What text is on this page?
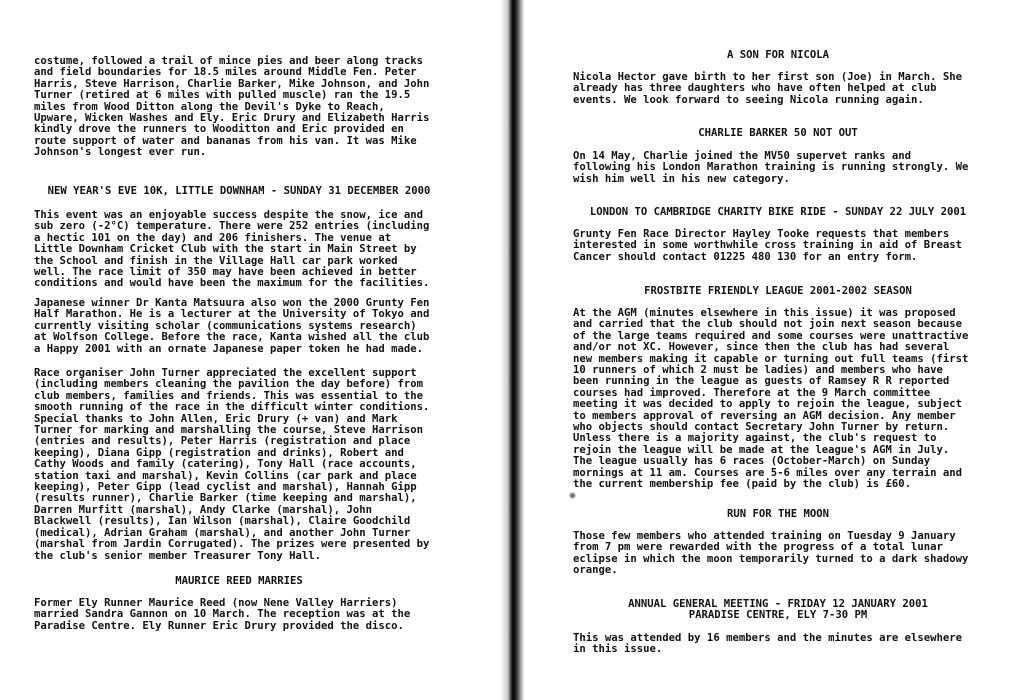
costume, followed a trail of mince pies and beer along tracks
and field boundaries for 18.5 miles around Middle Fen. Peter
Harris, Steve Harrison, Charlie Barker, Mike Johnson, and John
Turner (retired at 6 miles with pulled muscle) ran the 19.5
miles from Wood Ditton along the Devil's Dyke to Reach,
Upware, Wicken Washes and Ely. Eric Drury and Elizabeth Harris
kindly drove the runners to Wooditton and Eric provided en
route support of water and bananas from his van. It was Mike
Johnson's longest ever run.

NEW YEAR'S EVE 10K, LITTLE DOWNHAM - SUNDAY 31 DECEMBER 2000

This event was an enjoyable success despite the snow, ice and
sub zero (-2°C) temperature. There were 252 entries (including
a hectic 101 on the day) and 206 finishers. The venue at
Little Downham Cricket Club with the start in Main Street by
the School and finish in the Village Hall car park worked
well. The race limit of 350 may have been achieved in better
conditions and would have been the maximum for the facilities.

Japanese winner Dr Kanta Matsuura also won the 2000 Grunty Fen
Half Marathon. He is a lecturer at the University of Tokyo and
currently visiting scholar (communications systems research)
at Wolfson College. Before the race, Kanta wished all the club
a Happy 2001 with an ornate Japanese paper token he had made.

Race organiser John Turner appreciated the excellent support
(including members cleaning the pavilion the day before) from
club members, families and friends. This was essential to the
smooth running of the race in the difficult winter conditions.
Special thanks to John Allen, Eric Drury (+ van) and Mark
Turner for marking and marshalling the course, Steve Harrison
(entries and results), Peter Harris (registration and place
keeping), Diana Gipp (registration and drinks), Robert and
Cathy Woods and family (catering), Tony Hall (race accounts,
station taxi and marshal), Kevin Collins (car park and place
keeping), Peter Gipp (lead cyclist and marshal), Hannah Gipp
(results runner), Charlie Barker (time keeping and marshal),
Darren Murfitt (marshal), Andy Clarke (marshal), John
Blackwell (results), Ian Wilson (marshal), Claire Goodchild
(medical), Adrian Graham (marshal), and another John Turner
(marshal from Jardin Corrugated). The prizes were presented by
the club's senior member Treasurer Tony Hall.

MAURICE REED MARRIES

Former Ely Runner Maurice Reed (now Nene Valley Harriers)
married Sandra Gannon on 10 March. The reception was at the
Paradise Centre. Ely Runner Eric Drury provided the disco.

A SON FOR NICOLA

Nicola Hector gave birth to her first son (Joe) in March. She
already has three daughters who have often helped at club
events. We look forward to seeing Nicola running again.

CHARLIE BARKER 50 NOT OUT

On 14 May, Charlie joined the MV50 supervet ranks and
following his London Marathon training is running strongly. We
wish him well in his new category.

LONDON TO CAMBRIDGE CHARITY BIKE RIDE - SUNDAY 22 JULY 2001

Grunty Fen Race Director Hayley Tooke requests that members
interested in some worthwhile cross training in aid of Breast
Cancer should contact 01225 480 130 for an entry form.

FROSTBITE FRIENDLY LEAGUE 2001-2002 SEASON

At the AGM (minutes elsewhere in this issue) it was proposed
and carried that the club should not join next season because
of the large teams required and some courses were unattractive
and/or not XC. However, since then the club has had several
new members making it capable or turning out full teams (first
10 runners of which 2 must be ladies) and members who have
been running in the league as guests of Ramsey R R reported
courses had improved. Therefore at the 9 March committee
meeting it was decided to apply to rejoin the league, subject
to members approval of reversing an AGM decision. Any member
who objects should contact Secretary John Turner by return.
Unless there is a majority against, the club's request to
rejoin the league will be made at the league's AGM in July.
The league usually has 6 races (October-March) on Sunday
mornings at 11 am. Courses are 5-6 miles over any terrain and
the current membership fee (paid by the club) is £60.

RUN FOR THE MOON

Those few members who attended training on Tuesday 9 January
from 7 pm were rewarded with the progress of a total lunar
eclipse in which the moon temporarily turned to a dark shadowy
orange.

ANNUAL GENERAL MEETING - FRIDAY 12 JANUARY 2001

PARADISE CENTRE, ELY 7-30 PM

This was attended by 16 members and the minutes are elsewhere
in this issue.
